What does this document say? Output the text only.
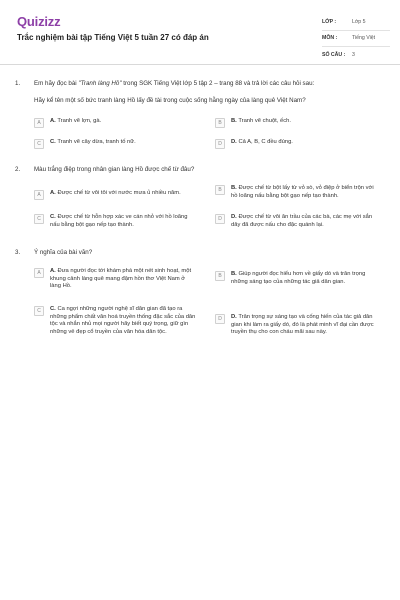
Quizizz
Trắc nghiệm bài tập Tiếng Việt 5 tuần 27 có đáp án
LỚP :	Lớp 5
MÔN :	Tiếng Việt
SỐ CÂU :	3
1. Em hãy đọc bài "Tranh làng Hồ" trong SGK Tiếng Việt lớp 5 tập 2 – trang 88 và trả lời các câu hỏi sau:
Hãy kể tên một số bức tranh làng Hồ lấy đề tài trong cuộc sống hằng ngày của làng quê Việt Nam?
A	A. Tranh vẽ lợn, gà.	B	B. Tranh vẽ chuột, ếch.
C	C. Tranh vẽ cây dừa, tranh tố nữ.	D	D. Cả A, B, C đều đúng.
2. Màu trắng điệp trong nhân gian làng Hồ được chế từ đâu?
A	A. Được chế từ vôi tôi với nước mưa ủ nhiều năm.	B	B. Được chế từ bột lấy từ vỏ sò, vỏ điệp ở biển trộn với hồ loãng nấu bằng bột gạo nếp tạo thành.
C	C. Được chế từ hỗn hợp xác ve cán nhỏ với hồ loãng nấu bằng bột gạo nếp tạo thành.
D	D. Được chế từ vôi ăn trầu của các bà, các mẹ với sắn dây đã được nấu cho đặc quánh lại.
3. Ý nghĩa của bài văn?
A	A. Đưa người đọc tới khám phá một nét sinh hoạt, một khung cảnh làng quê mang đậm hồn thơ Việt Nam ở làng Hồ.
B	B. Giúp người đọc hiểu hơn về giấy dó và trân trọng những sáng tạo của những tác giả dân gian.
C	C. Ca ngợi những người nghệ sĩ dân gian đã tạo ra những phẩm chất văn hoá truyền thống đặc sắc của dân tộc và nhắn nhủ mọi người hãy biết quý trọng, giữ gìn những vẻ đẹp cổ truyền của văn hóa dân tộc.
D	D. Trân trọng sự sáng tạo và cống hiến của tác giả dân gian khi làm ra giấy dó, đó là phát minh vĩ đại cần được truyền thụ cho con cháu mãi sau này.
